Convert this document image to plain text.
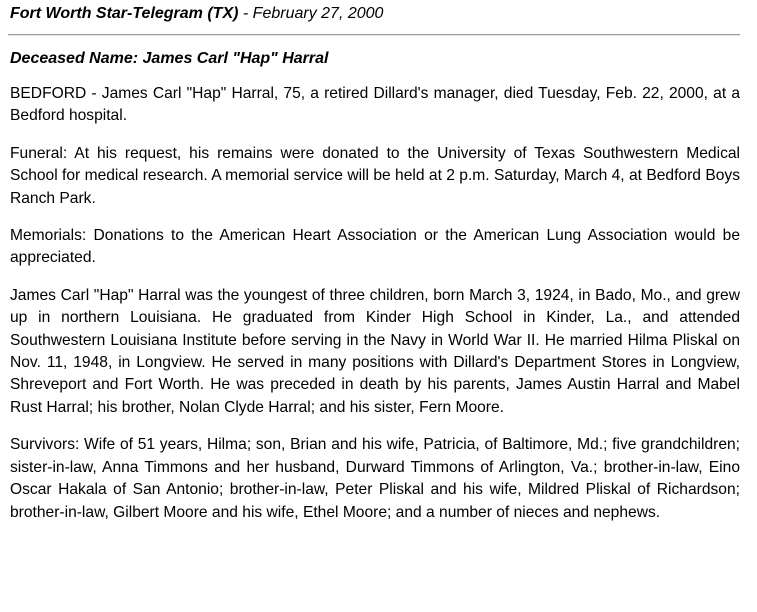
Fort Worth Star-Telegram (TX) - February 27, 2000
Deceased Name: James Carl "Hap" Harral

BEDFORD - James Carl "Hap" Harral, 75, a retired Dillard's manager, died Tuesday, Feb. 22, 2000, at a Bedford hospital.

Funeral: At his request, his remains were donated to the University of Texas Southwestern Medical School for medical research. A memorial service will be held at 2 p.m. Saturday, March 4, at Bedford Boys Ranch Park.

Memorials: Donations to the American Heart Association or the American Lung Association would be appreciated.

James Carl "Hap" Harral was the youngest of three children, born March 3, 1924, in Bado, Mo., and grew up in northern Louisiana. He graduated from Kinder High School in Kinder, La., and attended Southwestern Louisiana Institute before serving in the Navy in World War II. He married Hilma Pliskal on Nov. 11, 1948, in Longview. He served in many positions with Dillard's Department Stores in Longview, Shreveport and Fort Worth. He was preceded in death by his parents, James Austin Harral and Mabel Rust Harral; his brother, Nolan Clyde Harral; and his sister, Fern Moore.

Survivors: Wife of 51 years, Hilma; son, Brian and his wife, Patricia, of Baltimore, Md.; five grandchildren; sister-in-law, Anna Timmons and her husband, Durward Timmons of Arlington, Va.; brother-in-law, Eino Oscar Hakala of San Antonio; brother-in-law, Peter Pliskal and his wife, Mildred Pliskal of Richardson; brother-in-law, Gilbert Moore and his wife, Ethel Moore; and a number of nieces and nephews.
